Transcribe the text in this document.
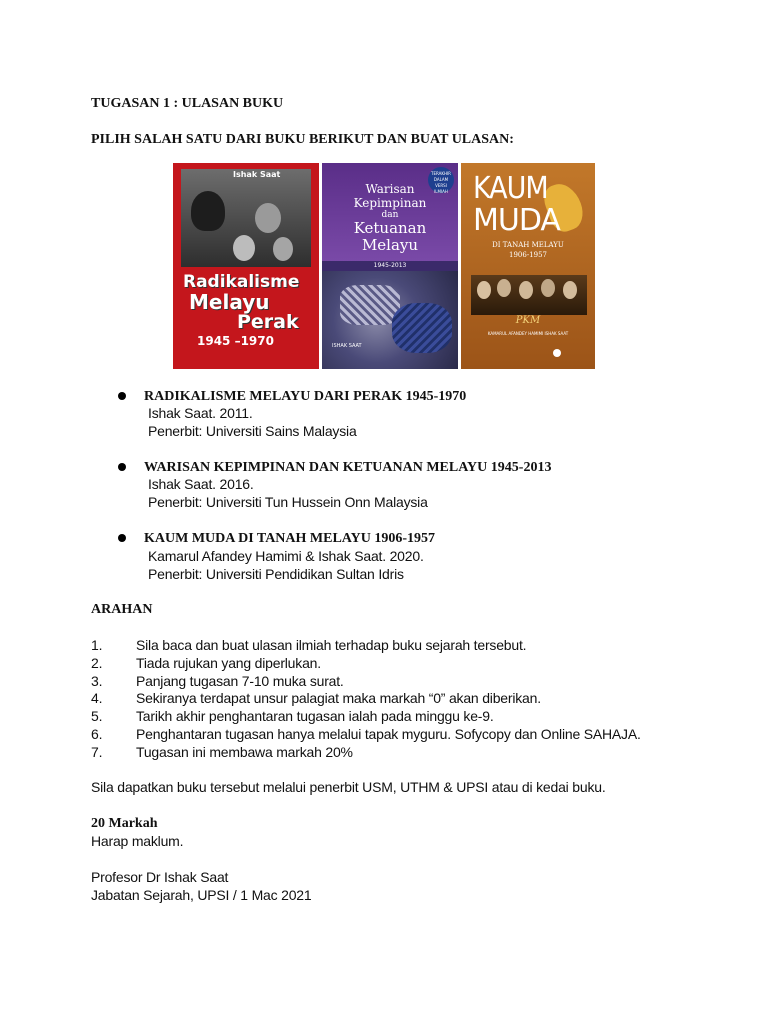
TUGASAN 1 : ULASAN BUKU
PILIH SALAH SATU DARI BUKU BERIKUT DAN BUAT ULASAN:
Ishak Saat
Radikalisme
Melayu
Perak
1945 –1970
TERAKHIR DALAM VERSI ILMIAH
Warisan
Kepimpinan
dan
Ketuanan
Melayu
1945-2013
ISHAK SAAT
KAUM
MUDA
DI TANAH MELAYU
1906-1957
PKM
KAMARUL AFANDEY HAMIMI ISHAK SAAT
RADIKALISME MELAYU DARI PERAK 1945-1970
Ishak Saat. 2011.
Penerbit: Universiti Sains Malaysia
WARISAN KEPIMPINAN DAN KETUANAN MELAYU 1945-2013
Ishak Saat. 2016.
Penerbit: Universiti Tun Hussein Onn Malaysia
KAUM MUDA DI TANAH MELAYU 1906-1957
Kamarul Afandey Hamimi & Ishak Saat. 2020.
Penerbit: Universiti Pendidikan Sultan Idris
ARAHAN
1. Sila baca dan buat ulasan ilmiah terhadap buku sejarah tersebut.
2. Tiada rujukan yang diperlukan.
3. Panjang tugasan 7-10 muka surat.
4. Sekiranya terdapat unsur palagiat maka markah “0” akan diberikan.
5. Tarikh akhir penghantaran tugasan ialah pada minggu ke-9.
6. Penghantaran tugasan hanya melalui tapak myguru. Sofycopy dan Online SAHAJA.
7. Tugasan ini membawa markah 20%
Sila dapatkan buku tersebut melalui penerbit USM, UTHM & UPSI atau di kedai buku.
20 Markah
Harap maklum.
Profesor Dr Ishak Saat
Jabatan Sejarah, UPSI / 1 Mac 2021
